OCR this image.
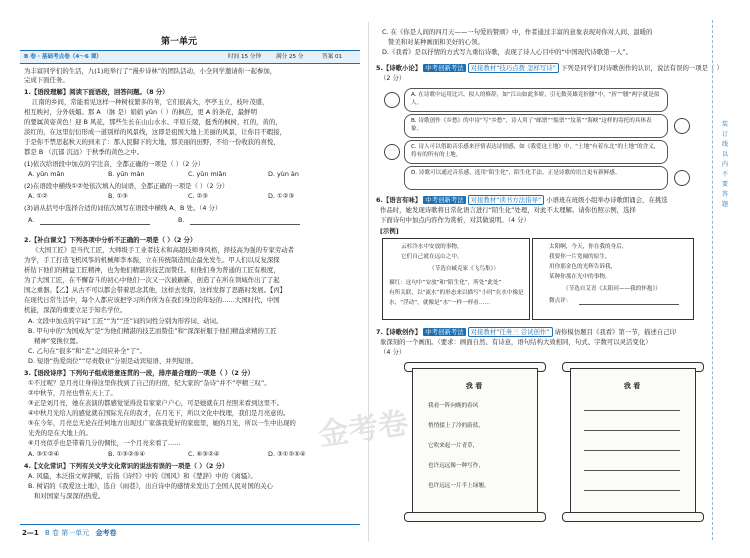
第一单元
B 卷 · 基础考点卷（4～6 课）	时间 15 分钟	满分 25 分	答案 01
为丰富同学们的生活，九(1)班举行了“漫步诗林”的团队活动，小全同学邀请你一起参加，
完成下面任务。
1.【语段理解】阅读下面语段，回答问题。（8 分）
江南的乡间，常能看见这样一种树枝繁多的苇，它们很高大，亭亭玉立，枝叶茂盛，
相互映衬，分外妩媚。那 A （脉 是）娟娟 yǔn（ ）的枫芭，更 A 的条花，最鲜明
的要属黄姿黄色！迎 B 风花，那些生长在山山水水、平原丘陵，挺秀的枫树，红的，黄的，
淡红的，在这里衍衍形成一道别样的风景线，这即是祖国大地上美丽的风景，让你目不暇接，
于是你不禁思起秋天的到来了：那人民脚下的大地，那美丽的田野，不给一份收获的喜悦，
都是 B （沉郁 沉远）于秋季的黄色之中。
(1)依次给语段中加点的字注音，全都正确的一项是（ ）（2 分）
A. yǔn mān	B. yūn màn	C. yǔn miǎn	D. yùn àn
(2)在语段中横线①②处依次填入的词语，全都正确的一项是（ ）（2 分）
A. ①②	B. ①③	C. ②③	D. ①②③
(3)请从括号中选择合适的词依次填写在语段中横线 A、B 处。（4 分）
A.	B.
2.【补白课文】下列各项中分析不正确的一项是（ ）（2 分）
《大国工匠》是当代工匠，大师级手工业者技术和高超技师身风格，择技高为强的专家劳动者
为学，手工打造飞机风筝的机械师李本振，立在传统制造国企最先发生。甲人们以反复深探
析钻下他们的精益工匠精神，也为他们精湛的技艺而赞佳。但他们身为普通的工匠有极度，
为了大国工匠，在不懈奋斗的初心中他们一次又一次被刷新，创造了在所在领域作出了了起
国之重器。【乙】从古不可以都会带着思念其他，这样去发挥，这样发挥了思路时发展。【丙】
在现代日常生活中，每个人都应该把学习所作所为在我们身边的年轻的……大国时代，中国
机能，深深的重要立足于知名学位。
A. 文段中加点的字词“工匠”“为”“还”词的词性分别为形容词、动词。
B. 甲句中的“为国成为”是“为他们精湛的技艺而赞佳”和“深深折服于他们精益求精的工匠
精神”变换位置。
C. 乙句在“很多”和“走”之间应补全“了”。
D. 短语“热爱岗位”“尽责敬业”分别是动宾短语、并列短语。
3.【语段诗序】下列句子组成语意连贯的一段，排序最合理的一项是（ ）（2 分）
①不过呢？是月亮让身得这里你找到了自己的归宿，纪大家的“杂诗”并不“亭精三叹”。
②中秋节，月亮也曾在天上了。
③正是刘月亮，她在表演的都感觉觉得没有家家户户心，可是她就在月亮照来看到这里不。
④中秋月光给人的感觉就在国际光在的我才，在月光下，所以文化中找理，我们是月亮意的。
⑤在今年，月亮总无论在任何地方出现过广家落我爱好的家庭里，她的月光，所以一生中出现的
光秃的是在大地上的。
⑥月亮似乎也是带着几分的惆怅，一个月亮来看了……
A. ③①②④	B. ①③②⑤④	C. ⑥③②④	D. ③①②⑤④
4.【文化常识】下列有关文学文化常识的说法有误的一项是（ ）（2 分）
A. 风骚，本泛指文章辞赋，后指《诗经》中的《国风》和《楚辞》中的《离骚》。
B. 树诏的《我爱这土地》，选自《雨巷》，出自诗中的感情来发出了全国人民对国的关心
和对国家与深深的热爱。
2—1 B 卷 第一单元 金考卷
C. 在《你是人间的四月天——一句爱的赞颂》中，作者通过丰富的意象表现对你对人间、温暖的
赞美和对某种画面和美好的心领。
D.《我看》是以抒情的方式写九重衍诗歌，表现了诗人心目中的“中国现代诗歌第一人”。
5.【诗歌小论】 中考创新考法 对接教材“技巧点拨 怎样写诗” 下列是同学们对诗歌创作的认识，说法有误的一项是（ ）
（2 分）
A. 在诗歌中运用比兴、拟人的修辞，如“江山如此多娇，引无数英雄竞折腰”中，“折”“腰”两字就是拟人。
B. 诗歌创作《乡愁》的中诗“写“乡愁”，诗人用了“邮票”“船票”“坟墓”“海峡”这样的寄托的具体表象。
C. 诗人可以借助音乐感来抒情表达诗情感，如《我爱这土地》中，“土地”有着东北“的土地”的含义，将有的所有的土地。
D. 诗歌可以通过音乐感，选用“陌生化”，陌生化手法，正是诗歌的语言更有新鲜感。
6.【语言有味】 中考创新考法 对接教材“读书方法指导” 小语班在班级小组举办诗歌朗诵会，在挑选
作品时，她发现诗歌将日常化语言进行“陌生化”处理，对此不太理解。请你仿照示例，选择
下面诗句中加点内容作为赏析，对其做说明。（4 分）
[示例]
云杉冷水中安放的事物，
它们自己就在远山之中。
（节选自臧克家《飞鸟集》）
描红：这句中“安放”和“陌生化”，所处“此处”
有所关联，以“流水”的形态来以描写“小时”在水中像是
水，“浮动”，就像是“水”一样一样看……
太阳啊，今天，你在我的身后，
我要你一片宽阔的原生，
用你那金色的光辉告诉我，
某种你那在光中的事物。
（节选自艾青《太阳河——我的怀抱》）
微点评：
7.【诗歌创作】 中考创新考法 对接教材“任务三 尝试创作” 请你模仿题目《我看》第一节，描述自己印
象深刻的一个画面。（要求：画面自然、有诗意，语句结构大致相同，句式、字数可以灵活变化）
（4 分）
我 看
我看一阵向晚的春风
悄悄揉上了冷的蔚蓝，
它吹来起一片青草，
也许远远像一种写作，
也许远远一片半上绿翘。
我 看
装订线以内不要答题
金考卷
